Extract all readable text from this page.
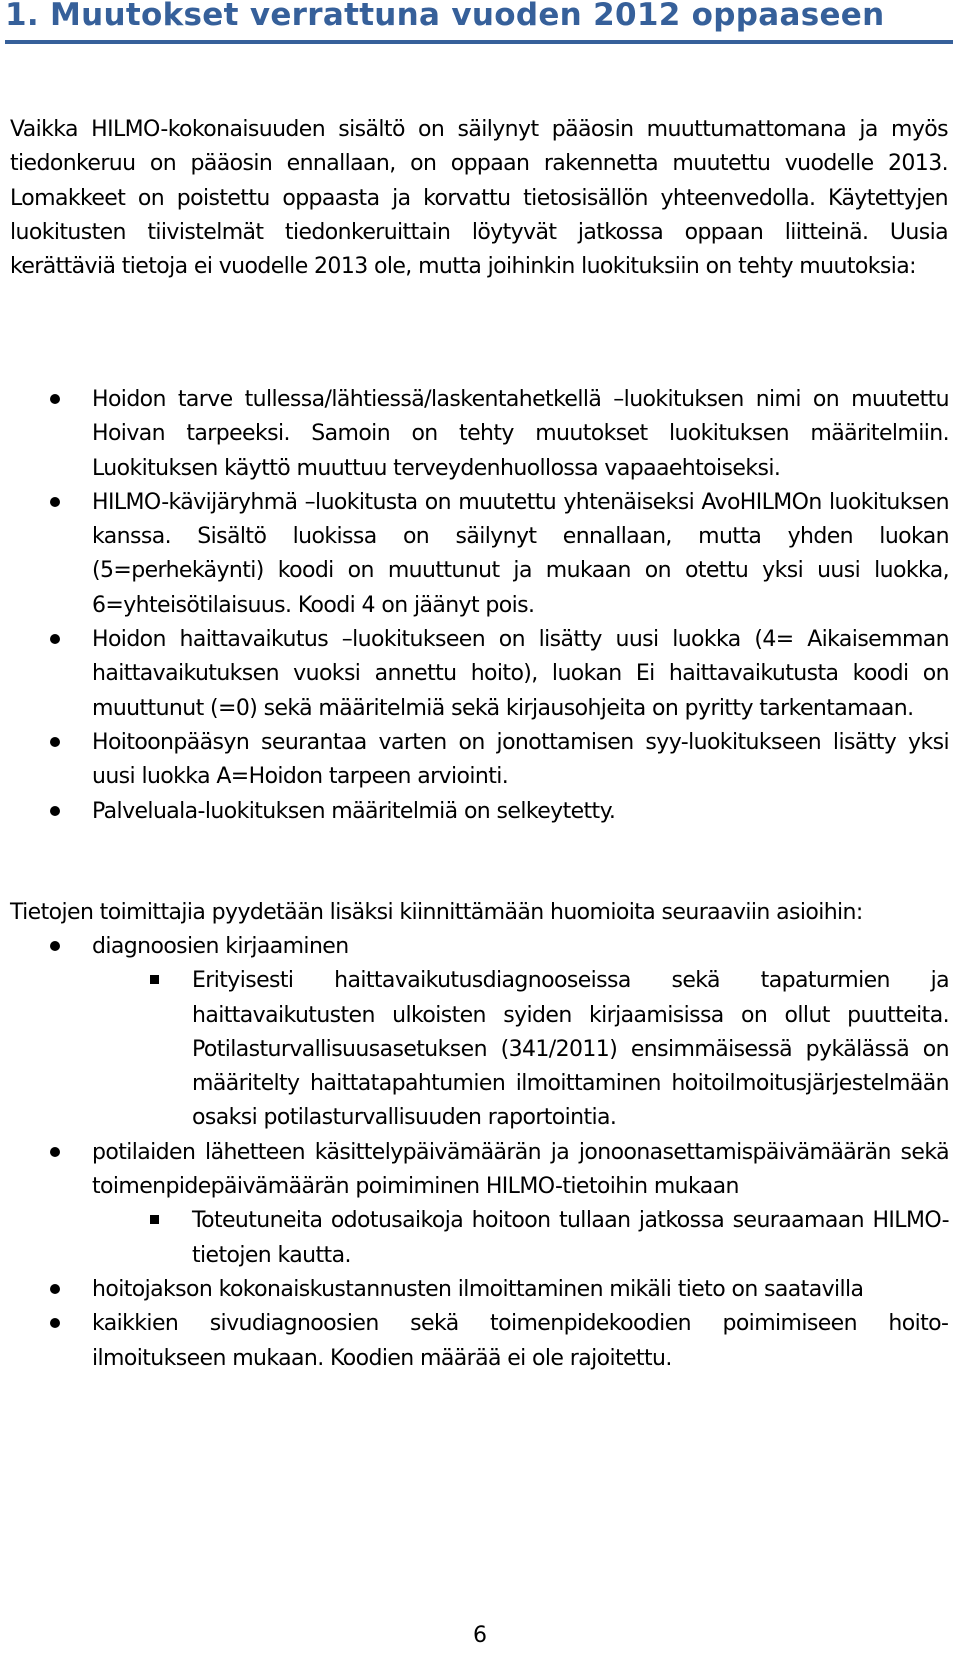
1. Muutokset verrattuna vuoden 2012 oppaaseen
Vaikka HILMO-kokonaisuuden sisältö on säilynyt pääosin muuttumattomana ja myös tiedonkeruu on pääosin ennallaan, on oppaan rakennetta muutettu vuodelle 2013. Lomakkeet on poistettu oppaasta ja korvattu tietosisällön yhteenvedolla. Käytettyjen luokitusten tiivistelmät tiedonkeruittain löytyvät jatkossa oppaan liitteinä. Uusia kerättäviä tietoja ei vuodelle 2013 ole, mutta joihinkin luokituksiin on tehty muutoksia:
Hoidon tarve tullessa/lähtiessä/laskentahetkellä –luokituksen nimi on muutettu Hoivan tarpeeksi. Samoin on tehty muutokset luokituksen määritelmiin. Luokituksen käyttö muuttuu terveydenhuollossa vapaaehtoiseksi.
HILMO-kävijäryhmä –luokitusta on muutettu yhtenäiseksi AvoHILMOn luokituksen kanssa. Sisältö luokissa on säilynyt ennallaan, mutta yhden luokan (5=perhekäynti) koodi on muuttunut ja mukaan on otettu yksi uusi luokka, 6=yhteisötilaisuus. Koodi 4 on jäänyt pois.
Hoidon haittavaikutus –luokitukseen on lisätty uusi luokka (4= Aikaisemman haittavaikutuksen vuoksi annettu hoito), luokan Ei haittavaikutusta koodi on muuttunut (=0) sekä määritelmiä sekä kirjausohjeita on pyritty tarkentamaan.
Hoitoonpääsyn seurantaa varten on jonottamisen syy-luokitukseen lisätty yksi uusi luokka A=Hoidon tarpeen arviointi.
Palveluala-luokituksen määritelmiä on selkeytetty.
Tietojen toimittajia pyydetään lisäksi kiinnittämään huomioita seuraaviin asioihin:
diagnoosien kirjaaminen
Erityisesti haittavaikutusdiagnooseissa sekä tapaturmien ja haittavaikutusten ulkoisten syiden kirjaamisissa on ollut puutteita. Potilasturvallisuusasetuksen (341/2011) ensimmäisessä pykälässä on määritelty haittatapahtumien ilmoittaminen hoitoilmoitusjärjestelmään osaksi potilasturvallisuuden raportointia.
potilaiden lähetteen käsittelypäivämäärän ja jonoonasettamispäivämäärän sekä toimenpidepäivämäärän poimiminen HILMO-tietoihin mukaan
Toteutuneita odotusaikoja hoitoon tullaan jatkossa seuraamaan HILMO-tietojen kautta.
hoitojakson kokonaiskustannusten ilmoittaminen mikäli tieto on saatavilla
kaikkien sivudiagnoosien sekä toimenpidekoodien poimimiseen hoitoilmoitukseen mukaan. Koodien määrää ei ole rajoitettu.
6
